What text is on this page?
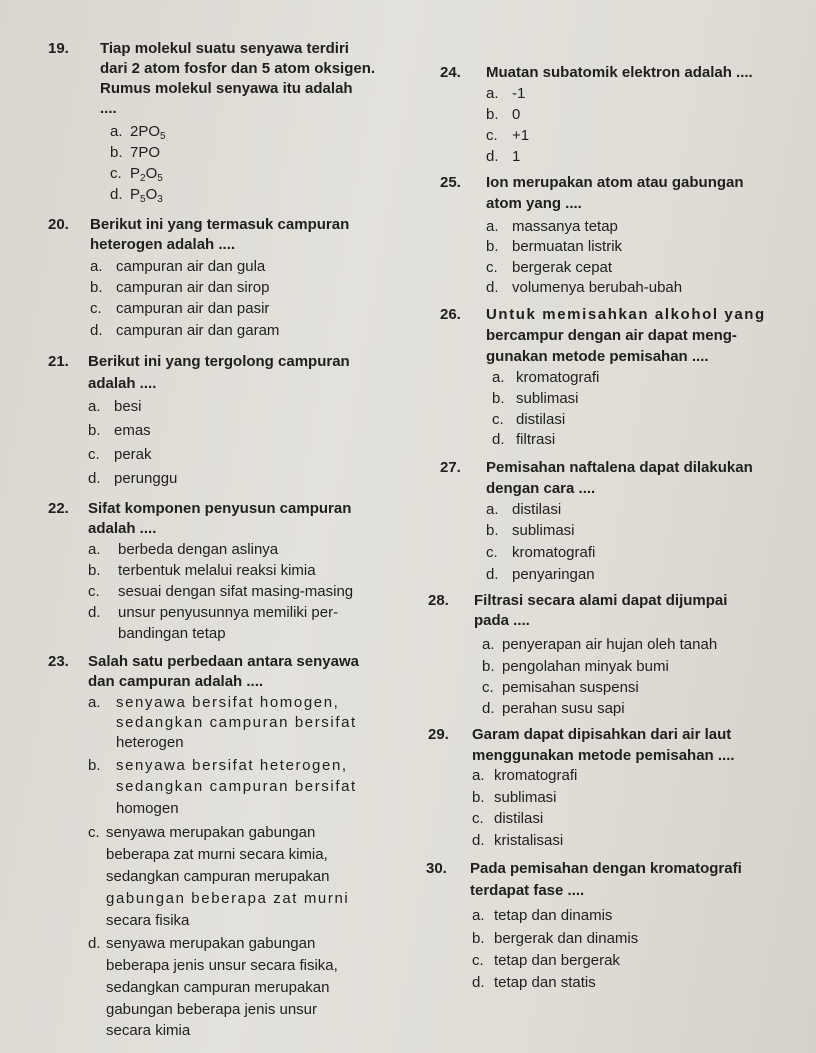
19. Tiap molekul suatu senyawa terdiri
dari 2 atom fosfor dan 5 atom oksigen.
Rumus molekul senyawa itu adalah
....
a. $2PO_5$
b. 7PO
c. $P_2O_5$
d. $P_5O_3$
20. Berikut ini yang termasuk campuran
heterogen adalah ....
a. campuran air dan gula
b. campuran air dan sirop
c. campuran air dan pasir
d. campuran air dan garam
21. Berikut ini yang tergolong campuran
adalah ....
a. besi
b. emas
c. perak
d. perunggu
22. Sifat komponen penyusun campuran
adalah ....
a. berbeda dengan aslinya
b. terbentuk melalui reaksi kimia
c. sesuai dengan sifat masing-masing
d. unsur penyusunnya memiliki per-
bandingan tetap
23. Salah satu perbedaan antara senyawa
dan campuran adalah ....
a. senyawa bersifat homogen,
sedangkan campuran bersifat
heterogen
b. senyawa bersifat heterogen,
sedangkan campuran bersifat
homogen
c. senyawa merupakan gabungan
beberapa zat murni secara kimia,
sedangkan campuran merupakan
gabungan beberapa zat murni
secara fisika
d. senyawa merupakan gabungan
beberapa jenis unsur secara fisika,
sedangkan campuran merupakan
gabungan beberapa jenis unsur
secara kimia
24. Muatan subatomik elektron adalah ....
a. -1
b. 0
c. +1
d. 1
25. Ion merupakan atom atau gabungan
atom yang ....
a. massanya tetap
b. bermuatan listrik
c. bergerak cepat
d. volumenya berubah-ubah
26. Untuk memisahkan alkohol yang
bercampur dengan air dapat meng-
gunakan metode pemisahan ....
a. kromatografi
b. sublimasi
c. distilasi
d. filtrasi
27. Pemisahan naftalena dapat dilakukan
dengan cara ....
a. distilasi
b. sublimasi
c. kromatografi
d. penyaringan
28. Filtrasi secara alami dapat dijumpai
pada ....
a. penyerapan air hujan oleh tanah
b. pengolahan minyak bumi
c. pemisahan suspensi
d. perahan susu sapi
29. Garam dapat dipisahkan dari air laut
menggunakan metode pemisahan ....
a. kromatografi
b. sublimasi
c. distilasi
d. kristalisasi
30. Pada pemisahan dengan kromatografi
terdapat fase ....
a. tetap dan dinamis
b. bergerak dan dinamis
c. tetap dan bergerak
d. tetap dan statis
